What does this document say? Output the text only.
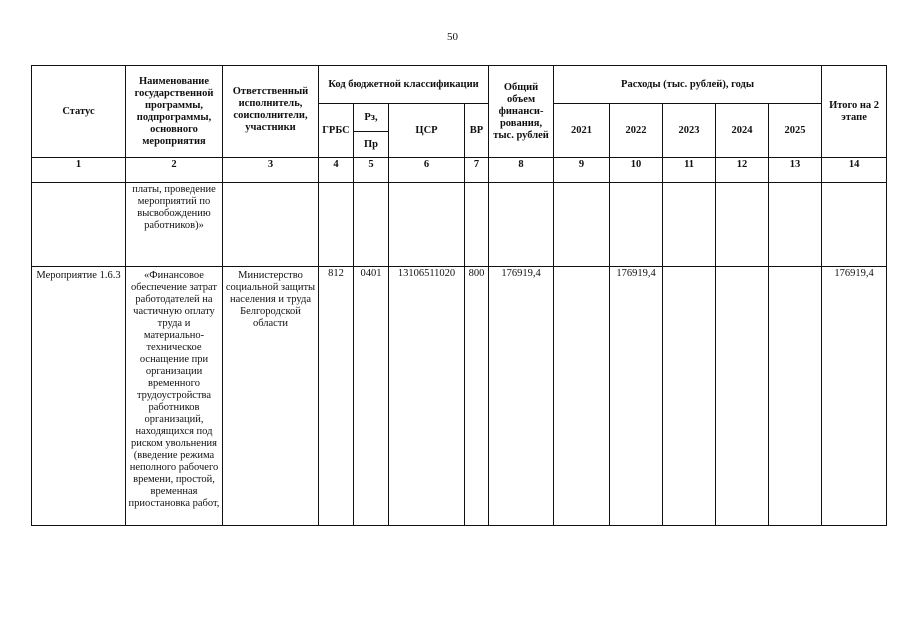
50
Статус	Наименование государственной программы, подпрограммы, основного мероприятия	Ответственный исполнитель, соисполнители, участники	Код бюджетной классификации				Общий объем финанси-рования, тыс. рублей	Расходы (тыс. рублей), годы					Итого на 2 этапе
			ГРБС	Рз,	ЦСР	ВР		2021	2022	2023	2024	2025	
				Пр									
1	2	3	4	5	6	7	8	9	10	11	12	13	14
	платы, проведение мероприятий по высвобождению работников)»												
Мероприятие 1.6.3	«Финансовое обеспечение затрат работодателей на частичную оплату труда и материально-техническое оснащение при организации временного трудоустройства работников организаций, находящихся под риском увольнения (введение режима неполного рабочего времени, простой, временная приостановка работ,	Министерство социальной защиты населения и труда Белгородской области	812	0401	13106511020	800	176919,4		176919,4				176919,4
